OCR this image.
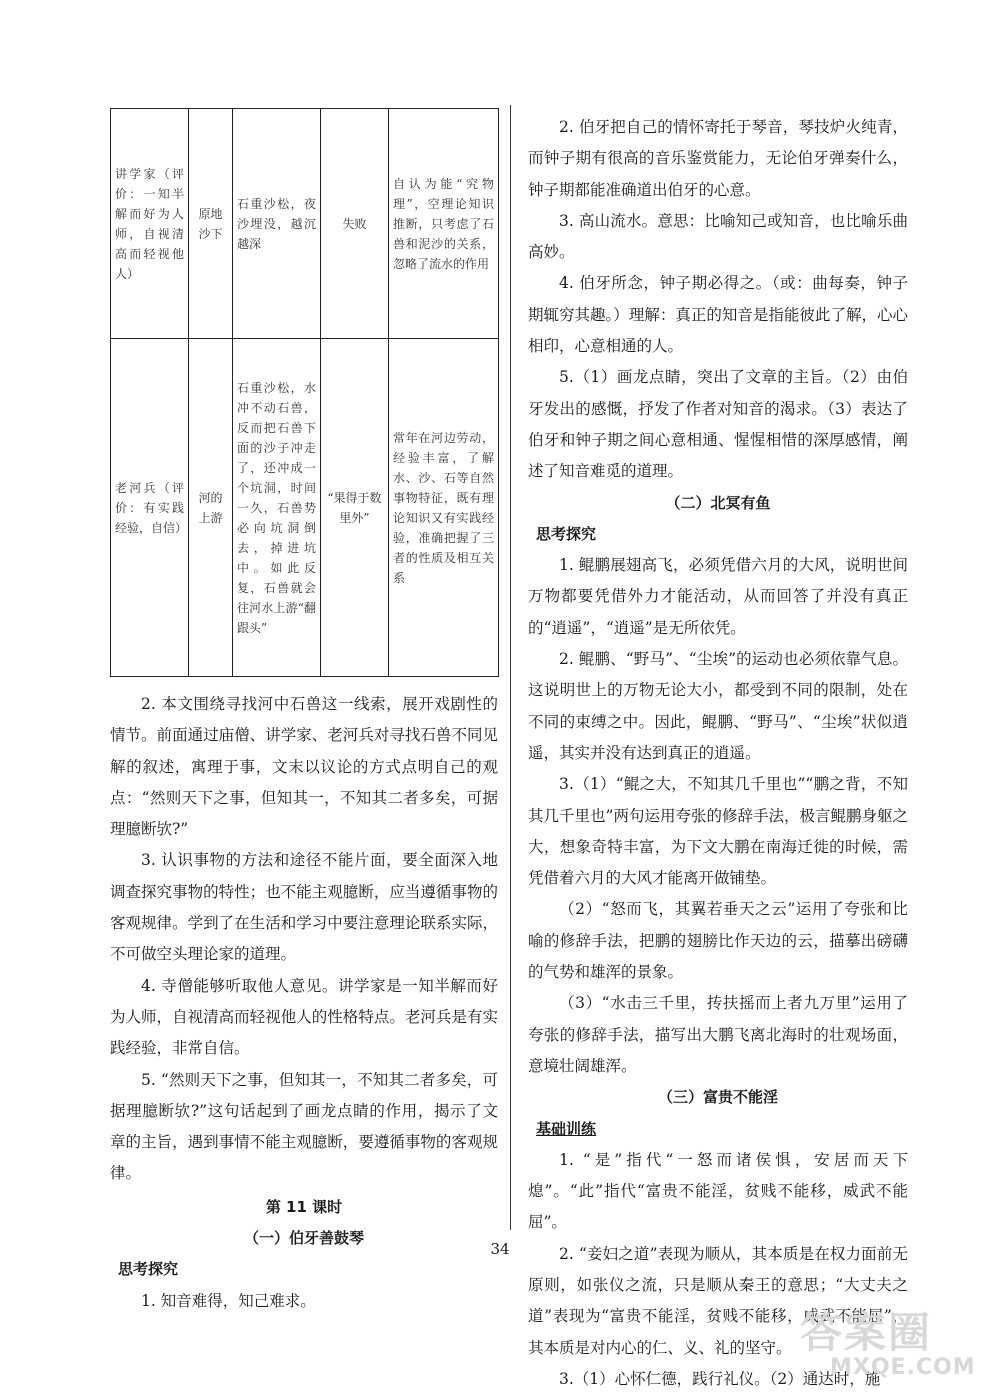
讲学家（评价：一知半解而好为人师，自视清高而轻视他人）	原地沙下	石重沙松，夜沙埋没，越沉越深	失败	自认为能“究物理”，空理论知识推断，只考虑了石兽和泥沙的关系，忽略了流水的作用
老河兵（评价：有实践经验，自信）	河的上游	石重沙松，水冲不动石兽，反而把石兽下面的沙子冲走了，还冲成一个坑洞，时间一久，石兽势必向坑洞倒去，掉进坑中。如此反复，石兽就会往河水上游“翻跟头”	“果得于数里外”	常年在河边劳动，经验丰富，了解水、沙、石等自然事物特征，既有理论知识又有实践经验，准确把握了三者的性质及相互关系

2. 本文围绕寻找河中石兽这一线索，展开戏剧性的情节。前面通过庙僧、讲学家、老河兵对寻找石兽不同见解的叙述，寓理于事，文末以议论的方式点明自己的观点：“然则天下之事，但知其一，不知其二者多矣，可据理臆断欤?”

3. 认识事物的方法和途径不能片面，要全面深入地调查探究事物的特性；也不能主观臆断，应当遵循事物的客观规律。学到了在生活和学习中要注意理论联系实际，不可做空头理论家的道理。

4. 寺僧能够听取他人意见。讲学家是一知半解而好为人师，自视清高而轻视他人的性格特点。老河兵是有实践经验，非常自信。

5. “然则天下之事，但知其一，不知其二者多矣，可据理臆断欤?”这句话起到了画龙点睛的作用，揭示了文章的主旨，遇到事情不能主观臆断，要遵循事物的客观规律。

第 11 课时

（一）伯牙善鼓琴

思考探究

1. 知音难得，知己难求。

2. 伯牙把自己的情怀寄托于琴音，琴技炉火纯青，而钟子期有很高的音乐鉴赏能力，无论伯牙弹奏什么，钟子期都能准确道出伯牙的心意。

3. 高山流水。意思：比喻知己或知音，也比喻乐曲高妙。

4. 伯牙所念，钟子期必得之。（或：曲每奏，钟子期辄穷其趣。）理解：真正的知音是指能彼此了解，心心相印，心意相通的人。

5.（1）画龙点睛，突出了文章的主旨。（2）由伯牙发出的感慨，抒发了作者对知音的渴求。（3）表达了伯牙和钟子期之间心意相通、惺惺相惜的深厚感情，阐述了知音难觅的道理。

（二）北冥有鱼

思考探究

1. 鲲鹏展翅高飞，必须凭借六月的大风，说明世间万物都要凭借外力才能活动，从而回答了并没有真正的“逍遥”，“逍遥”是无所依凭。

2. 鲲鹏、“野马”、“尘埃”的运动也必须依靠气息。这说明世上的万物无论大小，都受到不同的限制，处在不同的束缚之中。因此，鲲鹏、“野马”、“尘埃”状似逍遥，其实并没有达到真正的逍遥。

3.（1）“鲲之大，不知其几千里也”“鹏之背，不知其几千里也”两句运用夸张的修辞手法，极言鲲鹏身躯之大，想象奇特丰富，为下文大鹏在南海迁徙的时候，需凭借着六月的大风才能离开做铺垫。

（2）“怒而飞，其翼若垂天之云”运用了夸张和比喻的修辞手法，把鹏的翅膀比作天边的云，描摹出磅礴的气势和雄浑的景象。

（3）“水击三千里，抟扶摇而上者九万里”运用了夸张的修辞手法，描写出大鹏飞离北海时的壮观场面，意境壮阔雄浑。

（三）富贵不能淫

基础训练

1. “是”指代“一怒而诸侯惧，安居而天下熄”。“此”指代“富贵不能淫，贫贱不能移，威武不能屈”。

2. “妾妇之道”表现为顺从，其本质是在权力面前无原则，如张仪之流，只是顺从秦王的意思；“大丈夫之道”表现为“富贵不能淫，贫贱不能移，威武不能屈”，其本质是对内心的仁、义、礼的坚守。

3.（1）心怀仁德，践行礼仪。（2）通达时，施

34
答案圈
MXQE.COM
